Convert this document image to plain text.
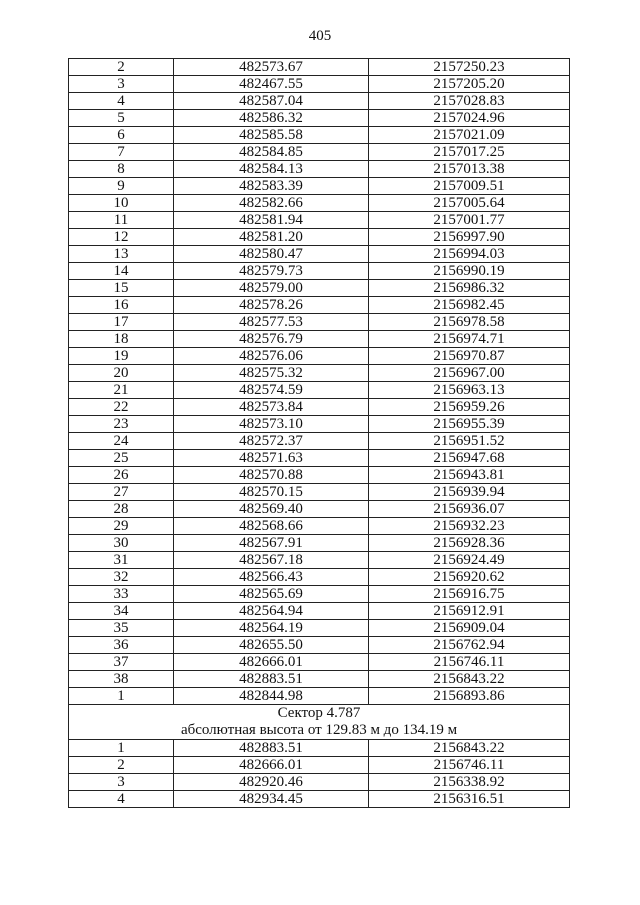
405
2	482573.67	2157250.23
3	482467.55	2157205.20
4	482587.04	2157028.83
5	482586.32	2157024.96
6	482585.58	2157021.09
7	482584.85	2157017.25
8	482584.13	2157013.38
9	482583.39	2157009.51
10	482582.66	2157005.64
11	482581.94	2157001.77
12	482581.20	2156997.90
13	482580.47	2156994.03
14	482579.73	2156990.19
15	482579.00	2156986.32
16	482578.26	2156982.45
17	482577.53	2156978.58
18	482576.79	2156974.71
19	482576.06	2156970.87
20	482575.32	2156967.00
21	482574.59	2156963.13
22	482573.84	2156959.26
23	482573.10	2156955.39
24	482572.37	2156951.52
25	482571.63	2156947.68
26	482570.88	2156943.81
27	482570.15	2156939.94
28	482569.40	2156936.07
29	482568.66	2156932.23
30	482567.91	2156928.36
31	482567.18	2156924.49
32	482566.43	2156920.62
33	482565.69	2156916.75
34	482564.94	2156912.91
35	482564.19	2156909.04
36	482655.50	2156762.94
37	482666.01	2156746.11
38	482883.51	2156843.22
1	482844.98	2156893.86

Сектор 4.787
абсолютная высота от 129.83 м до 134.19 м		

1	482883.51	2156843.22
2	482666.01	2156746.11
3	482920.46	2156338.92
4	482934.45	2156316.51
